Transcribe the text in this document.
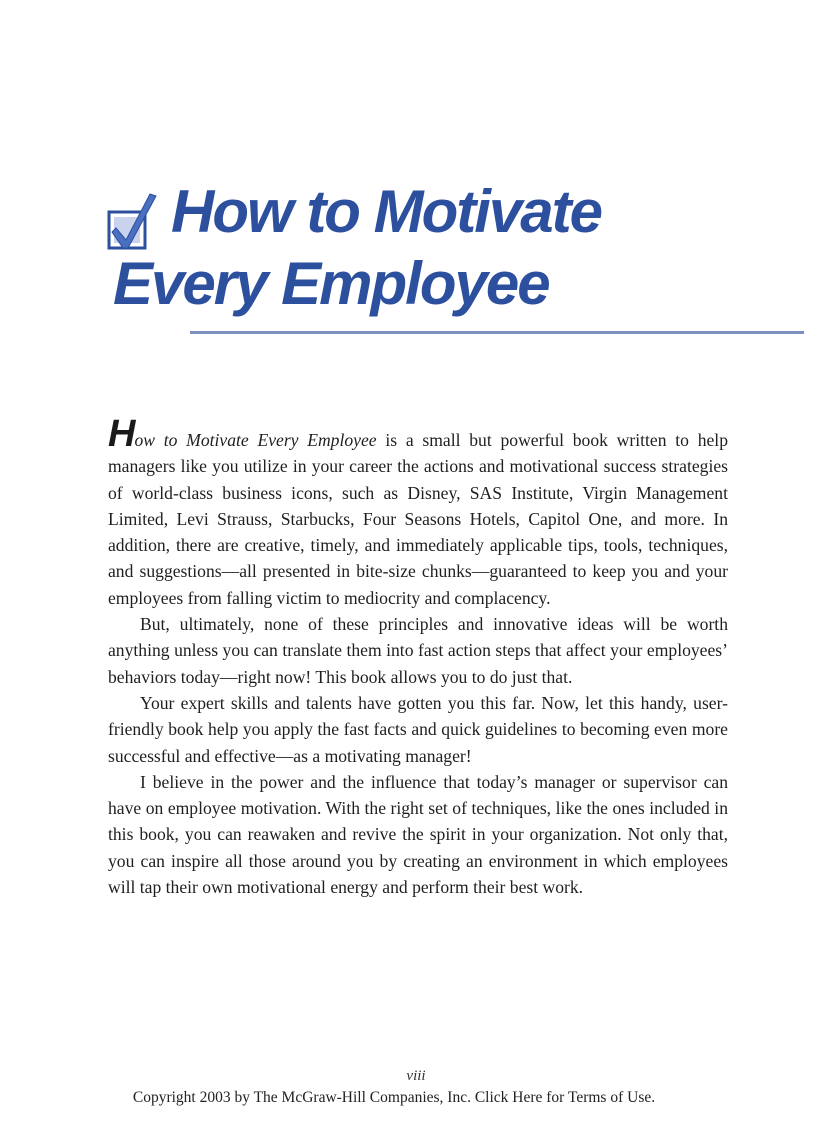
How to Motivate
Every Employee

How to Motivate Every Employee is a small but powerful book written to help managers like you utilize in your career the actions and motivational success strategies of world-class business icons, such as Disney, SAS Institute, Virgin Management Limited, Levi Strauss, Starbucks, Four Seasons Hotels, Capitol One, and more. In addition, there are creative, timely, and immediately applicable tips, tools, techniques, and suggestions—all presented in bite-size chunks—guaranteed to keep you and your employees from falling victim to mediocrity and complacency.

But, ultimately, none of these principles and innovative ideas will be worth anything unless you can translate them into fast action steps that affect your employees’ behaviors today—right now! This book allows you to do just that.

Your expert skills and talents have gotten you this far. Now, let this handy, user-friendly book help you apply the fast facts and quick guidelines to becoming even more successful and effective—as a motivating manager!

I believe in the power and the influence that today’s manager or supervisor can have on employee motivation. With the right set of techniques, like the ones included in this book, you can reawaken and revive the spirit in your organization. Not only that, you can inspire all those around you by creating an environment in which employees will tap their own motivational energy and perform their best work.

viii
Copyright 2003 by The McGraw-Hill Companies, Inc. Click Here for Terms of Use.
